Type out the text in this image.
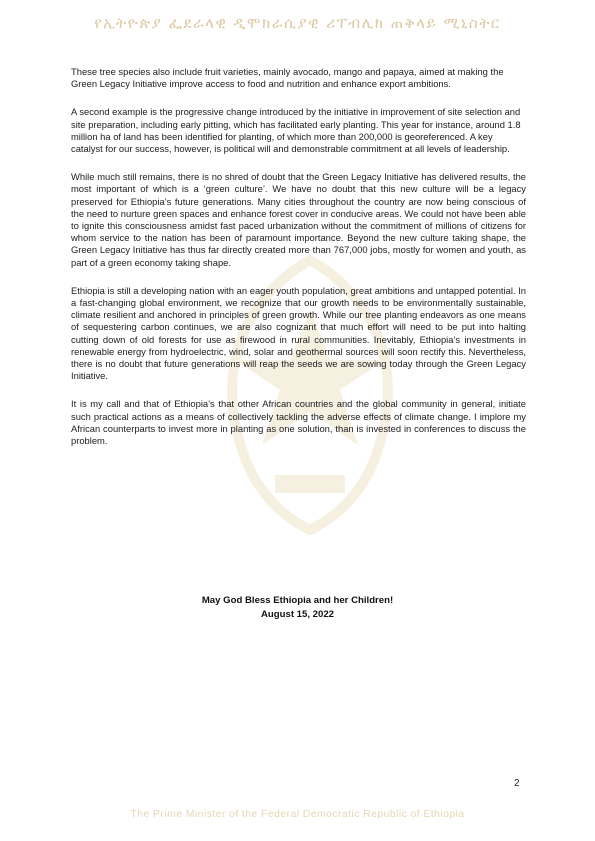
የኢትዮጵያ ፌደራላዊ ዲሞክራሲያዊ ሪፐብሊክ ጠቅላይ ሚኒስትር

These tree species also include fruit varieties, mainly avocado, mango and papaya, aimed at making the Green Legacy Initiative improve access to food and nutrition and enhance export ambitions.

A second example is the progressive change introduced by the initiative in improvement of site selection and site preparation, including early pitting, which has facilitated early planting. This year for instance, around 1.8 million ha of land has been identified for planting, of which more than 200,000 is georeferenced. A key catalyst for our success, however, is political will and demonstrable commitment at all levels of leadership.

While much still remains, there is no shred of doubt that the Green Legacy Initiative has delivered results, the most important of which is a ‘green culture’. We have no doubt that this new culture will be a legacy preserved for Ethiopia’s future generations. Many cities throughout the country are now being conscious of the need to nurture green spaces and enhance forest cover in conducive areas. We could not have been able to ignite this consciousness amidst fast paced urbanization without the commitment of millions of citizens for whom service to the nation has been of paramount importance. Beyond the new culture taking shape, the Green Legacy Initiative has thus far directly created more than 767,000 jobs, mostly for women and youth, as part of a green economy taking shape.

Ethiopia is still a developing nation with an eager youth population, great ambitions and untapped potential. In a fast-changing global environment, we recognize that our growth needs to be environmentally sustainable, climate resilient and anchored in principles of green growth. While our tree planting endeavors as one means of sequestering carbon continues, we are also cognizant that much effort will need to be put into halting cutting down of old forests for use as firewood in rural communities. Inevitably, Ethiopia’s investments in renewable energy from hydroelectric, wind, solar and geothermal sources will soon rectify this. Nevertheless, there is no doubt that future generations will reap the seeds we are sowing today through the Green Legacy Initiative.

It is my call and that of Ethiopia’s that other African countries and the global community in general, initiate such practical actions as a means of collectively tackling the adverse effects of climate change. I implore my African counterparts to invest more in planting as one solution, than is invested in conferences to discuss the problem.

May God Bless Ethiopia and her Children!
August 15, 2022
2
The Prime Minister of the Federal Democratic Republic of Ethiopia
